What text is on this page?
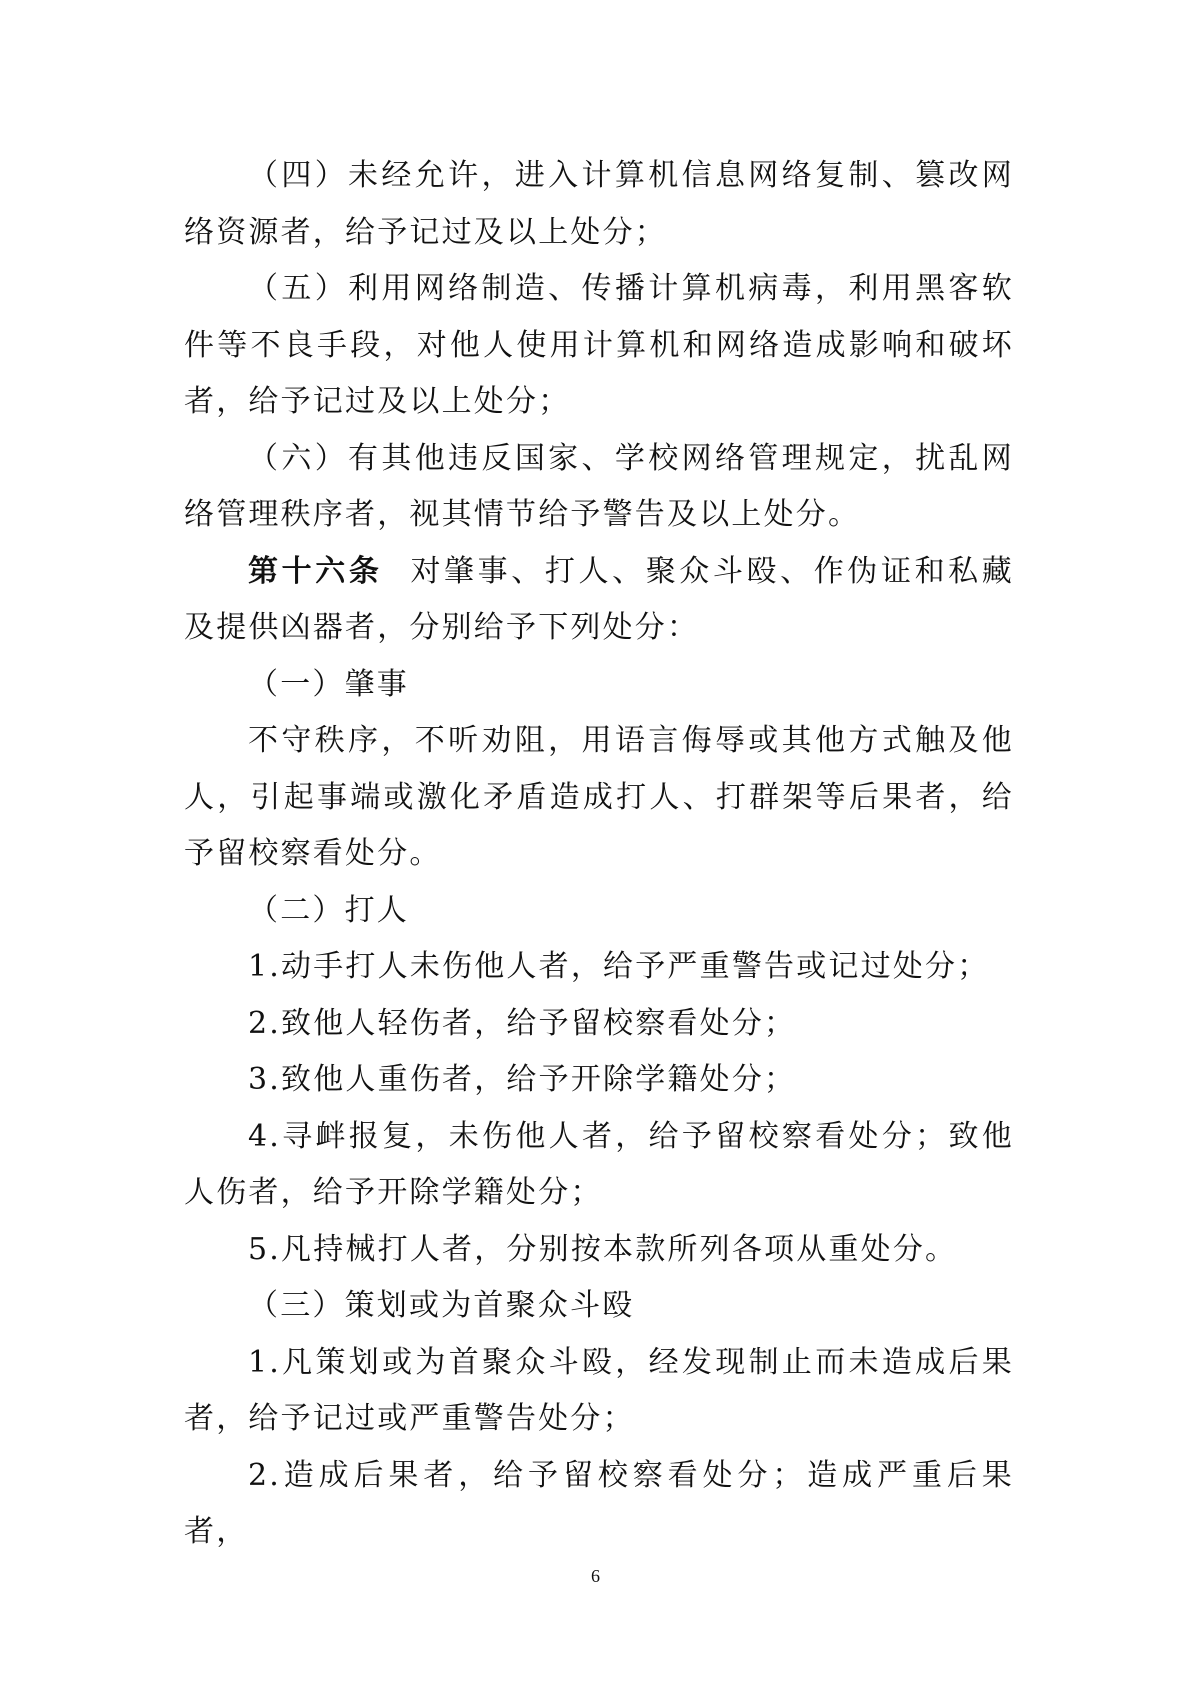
（四）未经允许，进入计算机信息网络复制、篡改网络资源者，给予记过及以上处分；

（五）利用网络制造、传播计算机病毒，利用黑客软件等不良手段，对他人使用计算机和网络造成影响和破坏者，给予记过及以上处分；

（六）有其他违反国家、学校网络管理规定，扰乱网络管理秩序者，视其情节给予警告及以上处分。

第十六条 对肇事、打人、聚众斗殴、作伪证和私藏及提供凶器者，分别给予下列处分：

（一）肇事

不守秩序，不听劝阻，用语言侮辱或其他方式触及他人，引起事端或激化矛盾造成打人、打群架等后果者，给予留校察看处分。

（二）打人

1.动手打人未伤他人者，给予严重警告或记过处分；

2.致他人轻伤者，给予留校察看处分；

3.致他人重伤者，给予开除学籍处分；

4.寻衅报复，未伤他人者，给予留校察看处分；致他人伤者，给予开除学籍处分；

5.凡持械打人者，分别按本款所列各项从重处分。

（三）策划或为首聚众斗殴

1.凡策划或为首聚众斗殴，经发现制止而未造成后果者，给予记过或严重警告处分；

2.造成后果者，给予留校察看处分；造成严重后果者，

6
